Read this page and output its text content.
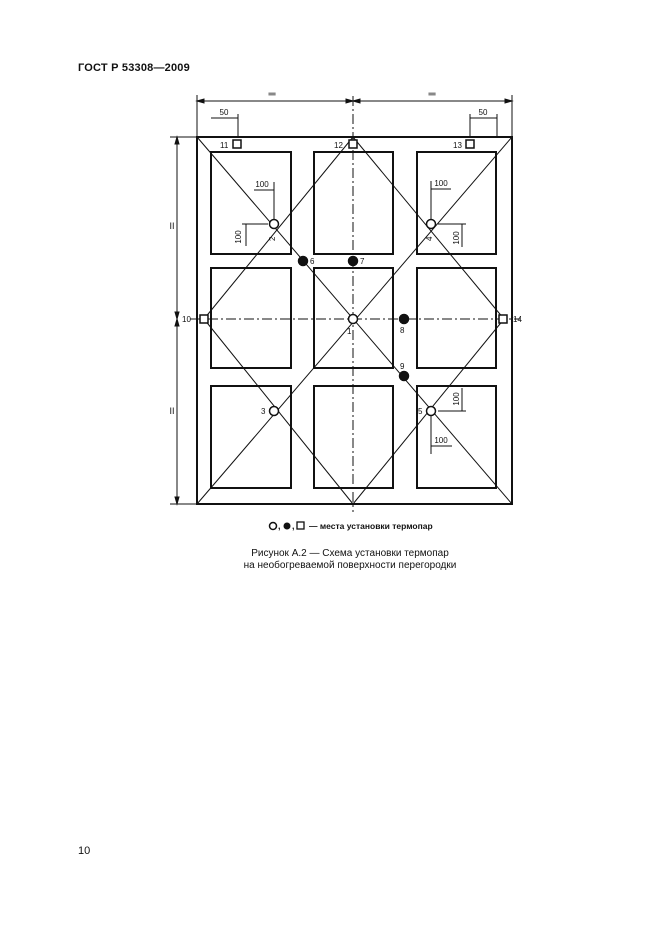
ГОСТ Р 53308—2009
═	═
50	50
II
II
100
100
100
100
100
100
1
2
3
4
5
6	7
8
9
10
11	12	13
14
, , — места установки термопар
Рисунок А.2 — Схема установки термопар
на необогреваемой поверхности перегородки
10
